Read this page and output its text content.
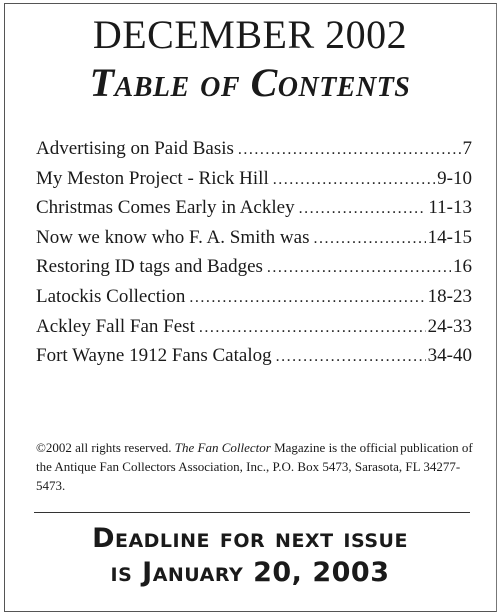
DECEMBER 2002
Table of Contents
Advertising on Paid Basis .....	7
My Meston Project - Rick Hill .....	9-10
Christmas Comes Early in Ackley .....	11-13
Now we know who F. A. Smith was .....	14-15
Restoring ID tags and Badges .....	16
Latockis Collection .....	18-23
Ackley Fall Fan Fest .....	24-33
Fort Wayne 1912 Fans Catalog .....	34-40

©2002 all rights reserved. The Fan Collector Magazine is the official publication of the Antique Fan Collectors Association, Inc., P.O. Box 5473, Sarasota, FL 34277-5473.

Deadline for next issue
is January 20, 2003
